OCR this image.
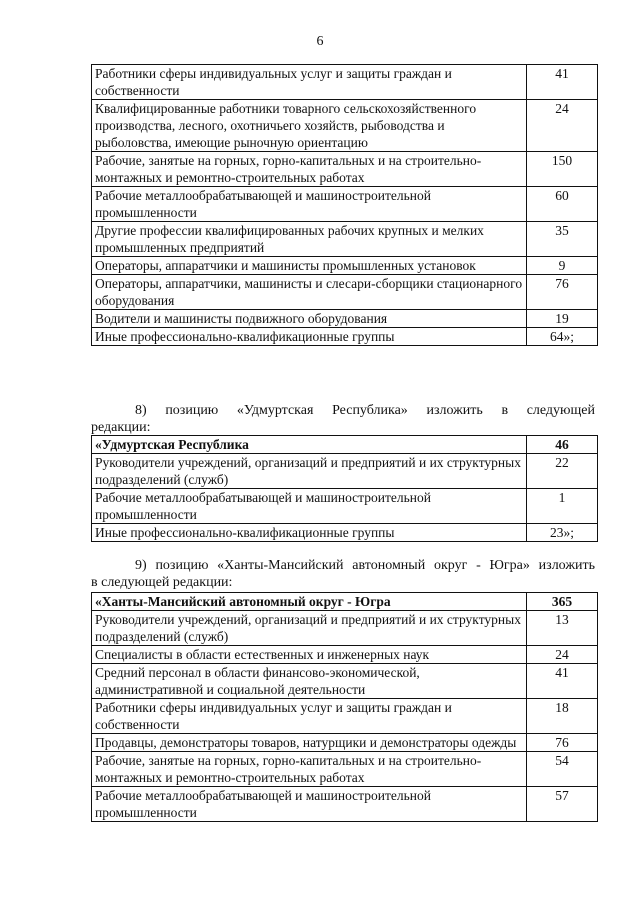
6
Работники сферы индивидуальных услуг и защиты граждан и собственности	41
Квалифицированные работники товарного сельскохозяйственного производства, лесного, охотничьего хозяйств, рыбоводства и рыболовства, имеющие рыночную ориентацию	24
Рабочие, занятые на горных, горно-капитальных и на строительно-монтажных и ремонтно-строительных работах	150
Рабочие металлообрабатывающей и машиностроительной промышленности	60
Другие профессии квалифицированных рабочих крупных и мелких промышленных предприятий	35
Операторы, аппаратчики и машинисты промышленных установок	9
Операторы, аппаратчики, машинисты и слесари-сборщики стационарного оборудования	76
Водители и машинисты подвижного оборудования	19
Иные профессионально-квалификационные группы	64»;
8) позицию «Удмуртская Республика» изложить в следующей
редакции:
«Удмуртская Республика	46
Руководители учреждений, организаций и предприятий и их структурных подразделений (служб)	22
Рабочие металлообрабатывающей и машиностроительной промышленности	1
Иные профессионально-квалификационные группы	23»;
9) позицию «Ханты-Мансийский автономный округ - Югра» изложить
в следующей редакции:
«Ханты-Мансийский автономный округ - Югра	365
Руководители учреждений, организаций и предприятий и их структурных подразделений (служб)	13
Специалисты в области естественных и инженерных наук	24
Средний персонал в области финансово-экономической, административной и социальной деятельности	41
Работники сферы индивидуальных услуг и защиты граждан и собственности	18
Продавцы, демонстраторы товаров, натурщики и демонстраторы одежды	76
Рабочие, занятые на горных, горно-капитальных и на строительно-монтажных и ремонтно-строительных работах	54
Рабочие металлообрабатывающей и машиностроительной промышленности	57
